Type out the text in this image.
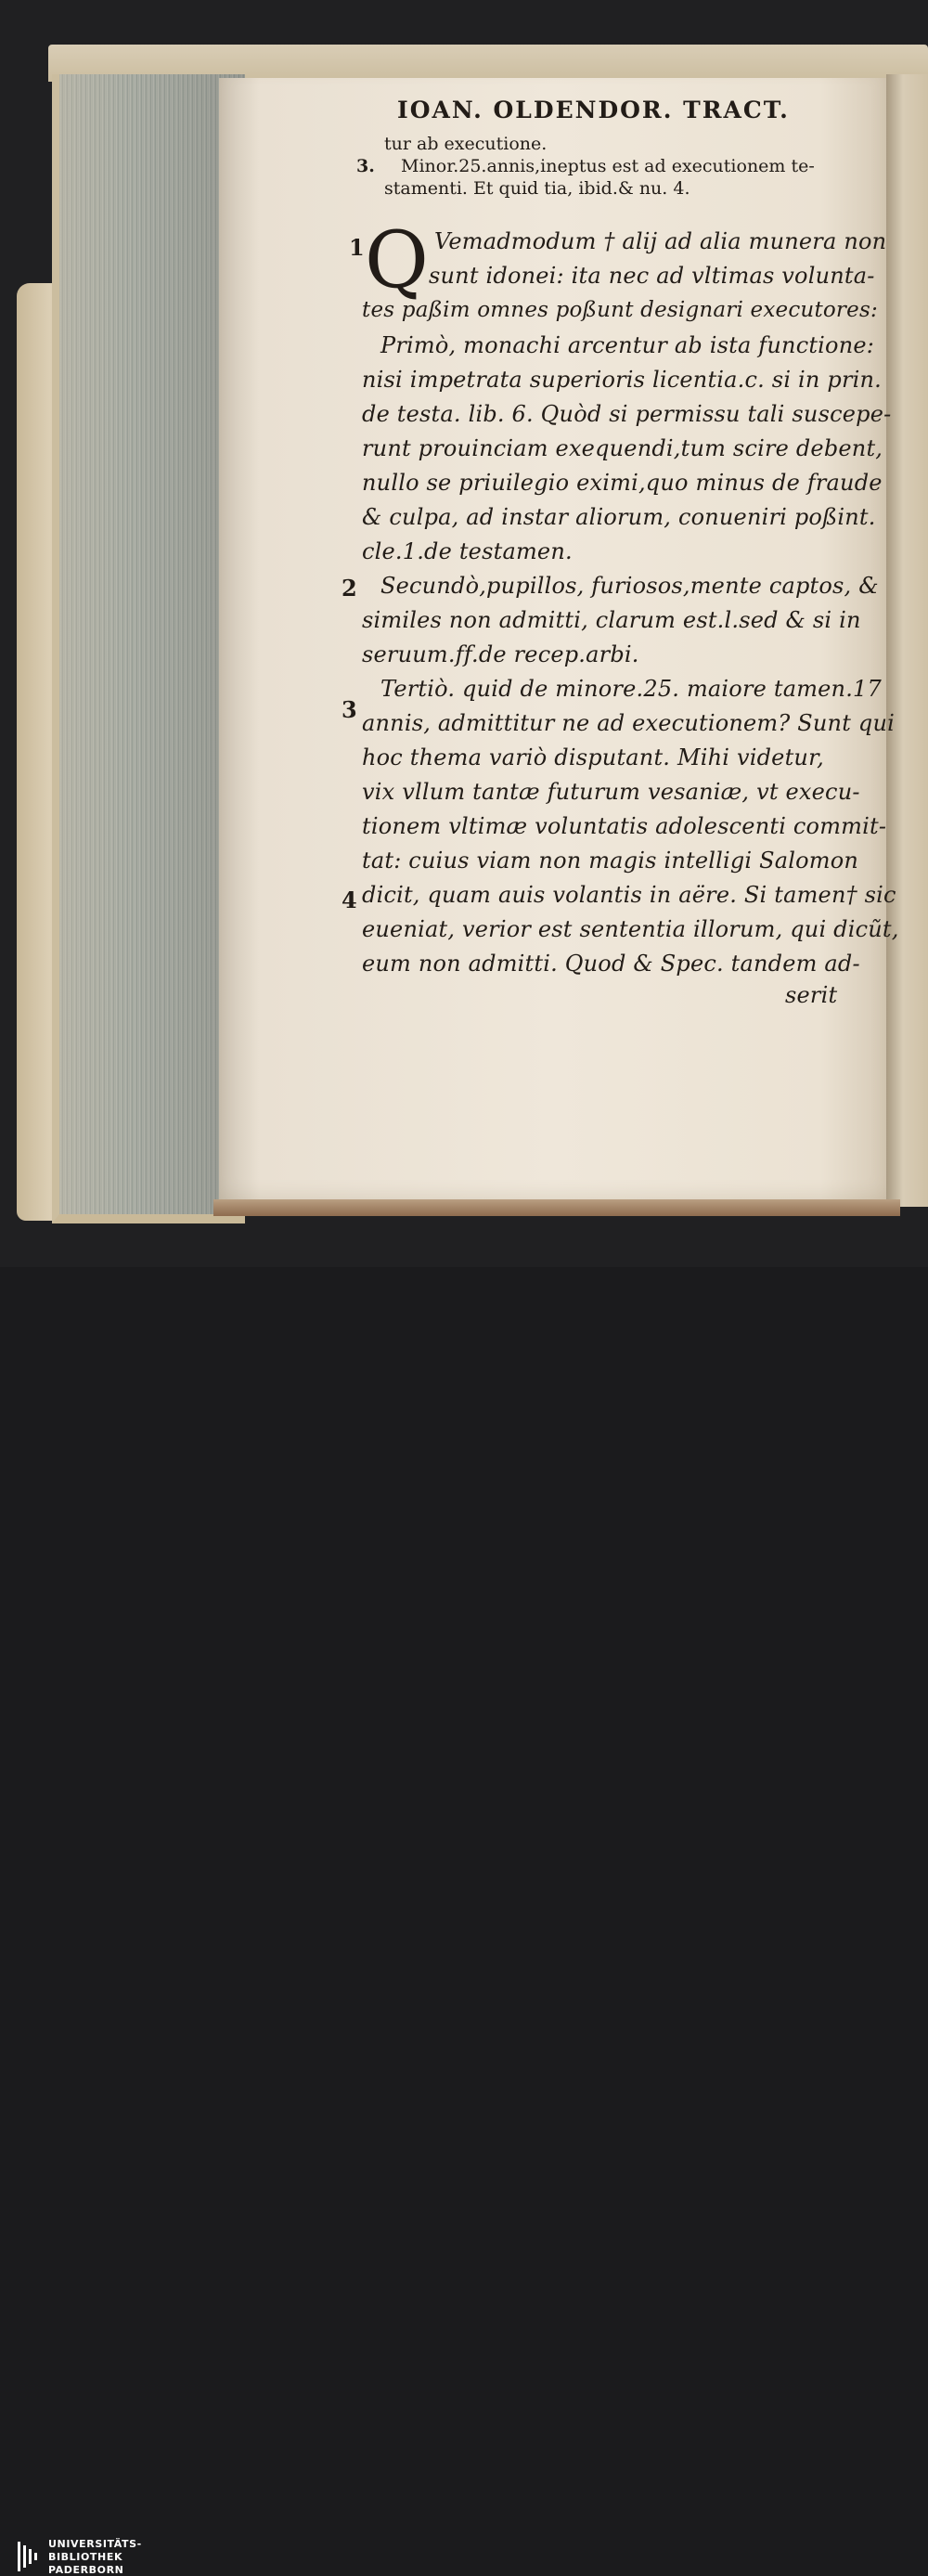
IOAN. OLDENDOR. TRACT.
tur ab executione.
3. Minor.25.annis,ineptus est ad executionem te-
stamenti. Et quid tia, ibid.& nu. 4.
1 Q Vemadmodum † alij ad alia munera non
sunt idonei: ita nec ad vltimas volunta-
tes paßim omnes poßunt designari executores:
Primò, monachi arcentur ab ista functione:
nisi impetrata superioris licentia.c. si in prin.
de testa. lib. 6. Quòd si permissu tali suscepe-
runt prouinciam exequendi,tum scire debent,
nullo se priuilegio eximi,quo minus de fraude
& culpa, ad instar aliorum, conueniri poßint.
cle.1.de testamen.
2 Secundò,pupillos, furiosos,mente captos, &
similes non admitti, clarum est.l.sed & si in
seruum.ff.de recep.arbi.
3
Tertiò. quid de minore.25. maiore tamen.17
annis, admittitur ne ad executionem? Sunt qui
hoc thema variò disputant. Mihi videtur,
vix vllum tantæ futurum vesaniæ, vt execu-
tionem vltimæ voluntatis adolescenti commit-
tat: cuius viam non magis intelligi Salomon
4 dicit, quam auis volantis in aëre. Si tamen† sic
eueniat, verior est sententia illorum, qui dicũt,
eum non admitti. Quod & Spec. tandem ad-
serit
UNIVERSITÄTS-
BIBLIOTHEK
PADERBORN
